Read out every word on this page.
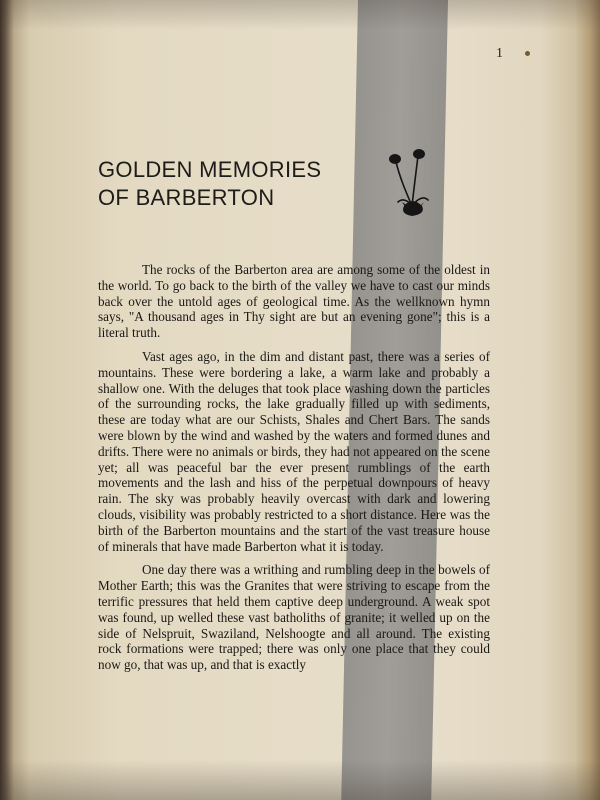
1
GOLDEN MEMORIES
OF BARBERTON

The rocks of the Barberton area are among some of the oldest in the world. To go back to the birth of the valley we have to cast our minds back over the untold ages of geological time. As the wellknown hymn says, "A thousand ages in Thy sight are but an evening gone"; this is a literal truth.

Vast ages ago, in the dim and distant past, there was a series of mountains. These were bordering a lake, a warm lake and probably a shallow one. With the deluges that took place washing down the particles of the surrounding rocks, the lake gradually filled up with sediments, these are today what are our Schists, Shales and Chert Bars. The sands were blown by the wind and washed by the waters and formed dunes and drifts. There were no animals or birds, they had not appeared on the scene yet; all was peaceful bar the ever present rumblings of the earth movements and the lash and hiss of the perpetual downpours of heavy rain. The sky was probably heavily overcast with dark and lowering clouds, visibility was probably restricted to a short distance. Here was the birth of the Barberton mountains and the start of the vast treasure house of minerals that have made Barberton what it is today.

One day there was a writhing and rumbling deep in the bowels of Mother Earth; this was the Granites that were striving to escape from the terrific pressures that held them captive deep underground. A weak spot was found, up welled these vast batholiths of granite; it welled up on the side of Nelspruit, Swaziland, Nelshoogte and all around. The existing rock formations were trapped; there was only one place that they could now go, that was up, and that is exactly
